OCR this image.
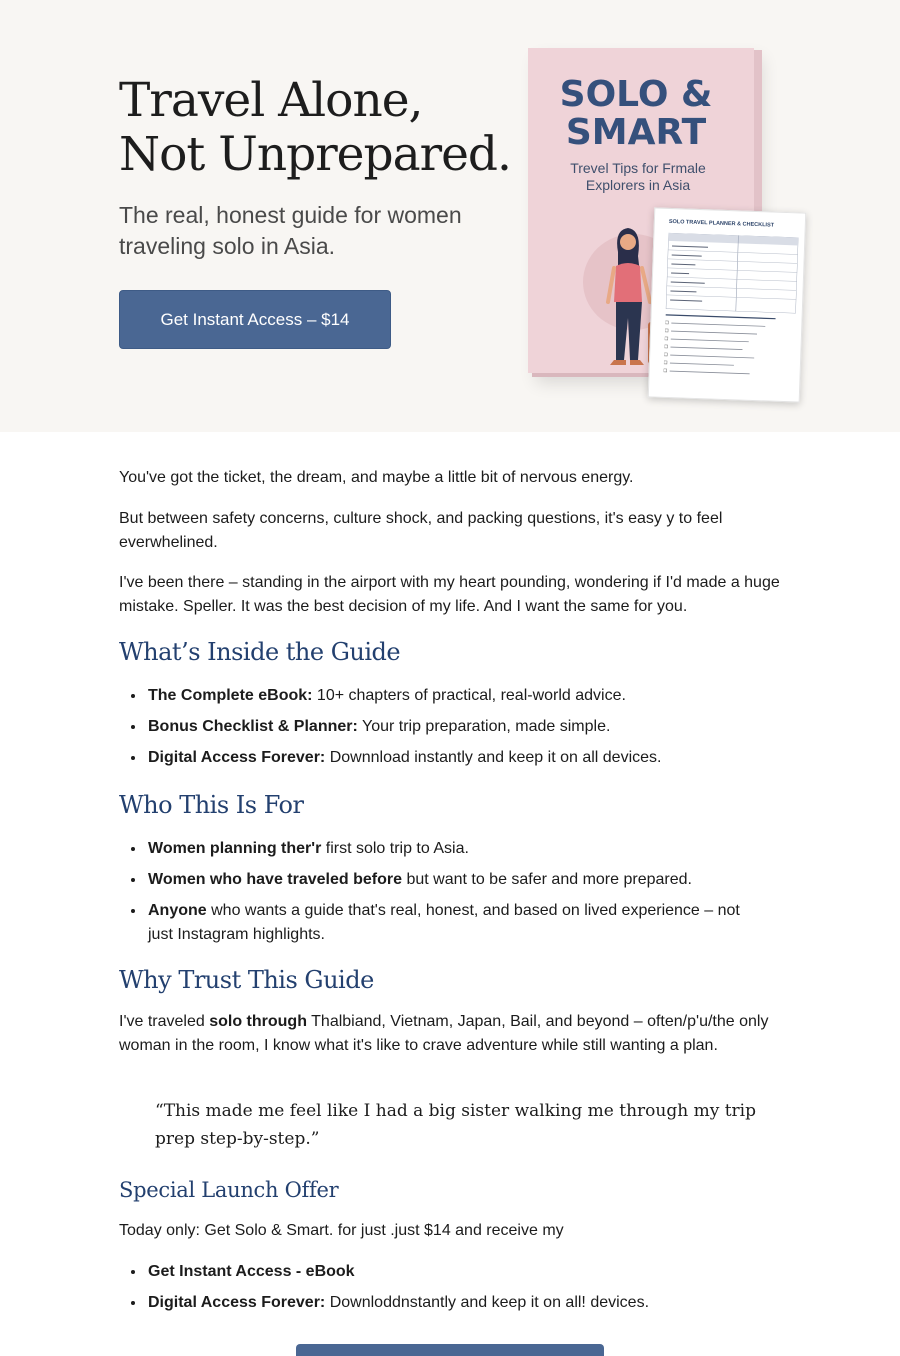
Travel Alone,
Not Unprepared.

The real, honest guide for women traveling solo in Asia.

Get Instant Access – $14
SOLO &
SMART
Trevel Tips for Frmale Explorers in Asia
SOLO TRAVEL PLANNER & CHECKLIST

You've got the ticket, the dream, and maybe a little bit of nervous energy.

But between safety concerns, culture shock, and packing questions, it's easy y to feel everwhelined.

I've been there – standing in the airport with my heart pounding, wondering if I'd made a huge mistake. Speller. It was the best decision of my life. And I want the same for you.

What’s Inside the Guide
The Complete eBook: 10+ chapters of practical, real-world advice.
Bonus Checklist & Planner: Your trip preparation, made simple.
Digital Access Forever: Downnload instantly and keep it on all devices.
Who This Is For
Women planning ther'r first solo trip to Asia.
Women who have traveled before but want to be safer and more prepared.
Anyone who wants a guide that's real, honest, and based on lived experience – not just Instagram highlights.
Why Trust This Guide

I've traveled solo through Thalbiand, Vietnam, Japan, Bail, and beyond – often/p'u/the only woman in the room, I know what it's like to crave adventure while still wanting a plan.

“This made me feel like I had a big sister walking me through my trip prep step-by-step.”

Special Launch Offer

Today only: Get Solo & Smart. for just .just $14 and receive my

Get Instant Access - eBook
Digital Access Forever: Downloddnstantly and keep it on all! devices.
